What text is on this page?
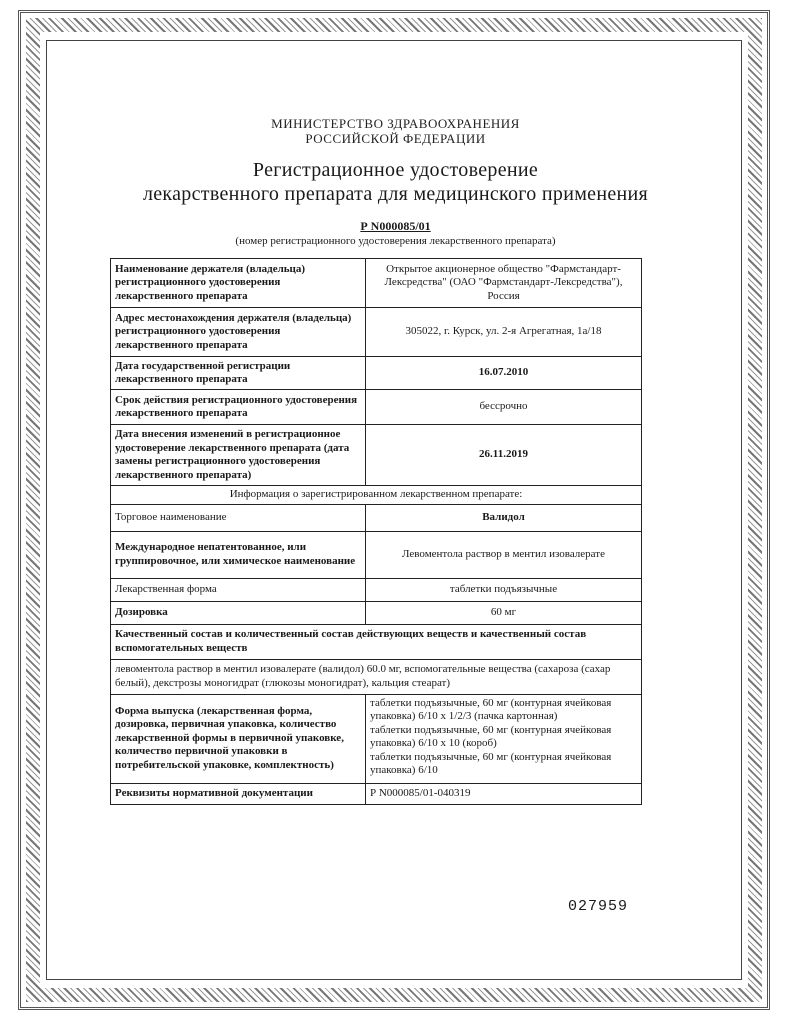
МИНИСТЕРСТВО ЗДРАВООХРАНЕНИЯ
РОССИЙСКОЙ ФЕДЕРАЦИИ
Регистрационное удостоверение
лекарственного препарата для медицинского применения
Р N000085/01
(номер регистрационного удостоверения лекарственного препарата)
Наименование держателя (владельца) регистрационного удостоверения лекарственного препарата	Открытое акционерное общество "Фармстандарт-Лексредства" (ОАО "Фармстандарт-Лексредства"), Россия
Адрес местонахождения держателя (владельца) регистрационного удостоверения лекарственного препарата	305022, г. Курск, ул. 2-я Агрегатная, 1а/18
Дата государственной регистрации лекарственного препарата	16.07.2010
Срок действия регистрационного удостоверения лекарственного препарата	бессрочно
Дата внесения изменений в регистрационное удостоверение лекарственного препарата (дата замены регистрационного удостоверения лекарственного препарата)	26.11.2019
Информация о зарегистрированном лекарственном препарате:	
Торговое наименование	Валидол
Международное непатентованное, или группировочное, или химическое наименование	Левоментола раствор в ментил изовалерате
Лекарственная форма	таблетки подъязычные
Дозировка	60 мг
Качественный состав и количественный состав действующих веществ и качественный состав вспомогательных веществ	
левоментола раствор в ментил изовалерате (валидол) 60.0 мг, вспомогательные вещества (сахароза (сахар белый), декстрозы моногидрат (глюкозы моногидрат), кальция стеарат)	
Форма выпуска (лекарственная форма, дозировка, первичная упаковка, количество лекарственной формы в первичной упаковке, количество первичной упаковки в потребительской упаковке, комплектность)	таблетки подъязычные, 60 мг (контурная ячейковая упаковка) 6/10 x 1/2/3 (пачка картонная)
таблетки подъязычные, 60 мг (контурная ячейковая упаковка) 6/10 x 10 (короб)
таблетки подъязычные, 60 мг (контурная ячейковая упаковка) 6/10

Реквизиты нормативной документации	Р N000085/01-040319
027959
